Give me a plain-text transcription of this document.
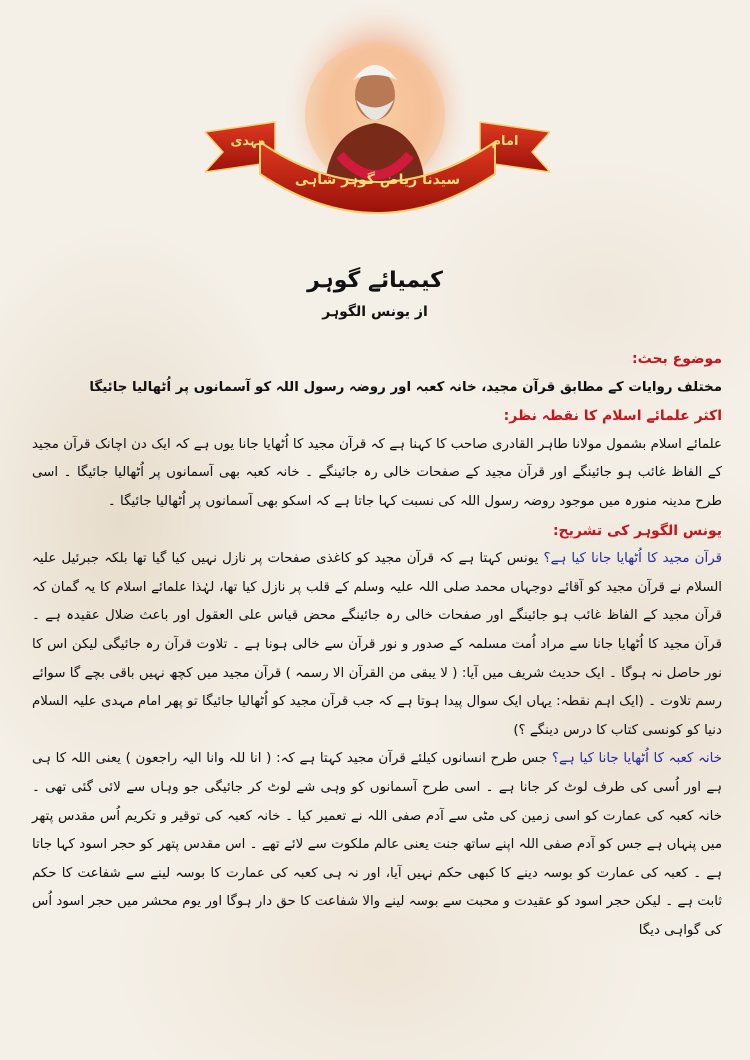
مہدی	امام
سیدنا ریاض گوہر شاہی
کیمیائے گوہر
از یونس الگوہر

موضوع بحث:

مختلف روایات کے مطابق قرآن مجید، خانہ کعبہ اور روضہ رسول اللہ کو آسمانوں پر اُٹھالیا جائیگا

اکثر علمائے اسلام کا نقطہ نظر:

علمائے اسلام بشمول مولانا طاہر القادری صاحب کا کہنا ہے کہ قرآن مجید کا اُٹھایا جانا یوں ہے کہ ایک دن اچانک قرآن مجید کے الفاظ غائب ہو جائینگے اور قرآن مجید کے صفحات خالی رہ جائینگے ۔ خانہ کعبہ بھی آسمانوں پر اُٹھالیا جائیگا ۔ اسی طرح مدینہ منورہ میں موجود روضہ رسول اللہ کی نسبت کہا جاتا ہے کہ اسکو بھی آسمانوں پر اُٹھالیا جائیگا ۔

یونس الگوہر کی تشریح:

قرآن مجید کا اُٹھایا جانا کیا ہے؟ یونس کہتا ہے کہ قرآن مجید کو کاغذی صفحات پر نازل نہیں کیا گیا تھا بلکہ جبرئیل علیہ السلام نے قرآن مجید کو آقائے دوجہاں محمد صلی اللہ علیہ وسلم کے قلب پر نازل کیا تھا، لہٰذا علمائے اسلام کا یہ گمان کہ قرآن مجید کے الفاظ غائب ہو جائینگے اور صفحات خالی رہ جائینگے محض قیاس علی العقول اور باعث ضلال عقیدہ ہے ۔ قرآن مجید کا اُٹھایا جانا سے مراد اُمت مسلمہ کے صدور و نور قرآن سے خالی ہونا ہے ۔ تلاوت قرآن رہ جائیگی لیکن اس کا نور حاصل نہ ہوگا ۔ ایک حدیث شریف میں آیا: ( لا یبقی من القرآن الا رسمہ ) قرآن مجید میں کچھ نہیں باقی بچے گا سوائے رسم تلاوت ۔ (ایک اہم نقطہ: یہاں ایک سوال پیدا ہوتا ہے کہ جب قرآن مجید کو اُٹھالیا جائیگا تو پھر امام مہدی علیہ السلام دنیا کو کونسی کتاب کا درس دینگے ؟)

خانہ کعبہ کا اُٹھایا جانا کیا ہے؟ جس طرح انسانوں کیلئے قرآن مجید کہتا ہے کہ: ( انا للہ وانا الیہ راجعون ) یعنی اللہ کا ہی ہے اور اُسی کی طرف لوٹ کر جانا ہے ۔ اسی طرح آسمانوں کو وہی شے لوٹ کر جائیگی جو وہاں سے لائی گئی تھی ۔ خانہ کعبہ کی عمارت کو اسی زمین کی مٹی سے آدم صفی اللہ نے تعمیر کیا ۔ خانہ کعبہ کی توقیر و تکریم اُس مقدس پتھر میں پنہاں ہے جس کو آدم صفی اللہ اپنے ساتھ جنت یعنی عالم ملکوت سے لائے تھے ۔ اس مقدس پتھر کو حجر اسود کہا جاتا ہے ۔ کعبہ کی عمارت کو بوسہ دینے کا کبھی حکم نہیں آیا، اور نہ ہی کعبہ کی عمارت کا بوسہ لینے سے شفاعت کا حکم ثابت ہے ۔ لیکن حجر اسود کو عقیدت و محبت سے بوسہ لینے والا شفاعت کا حق دار ہوگا اور یوم محشر میں حجر اسود اُس کی گواہی دیگا
